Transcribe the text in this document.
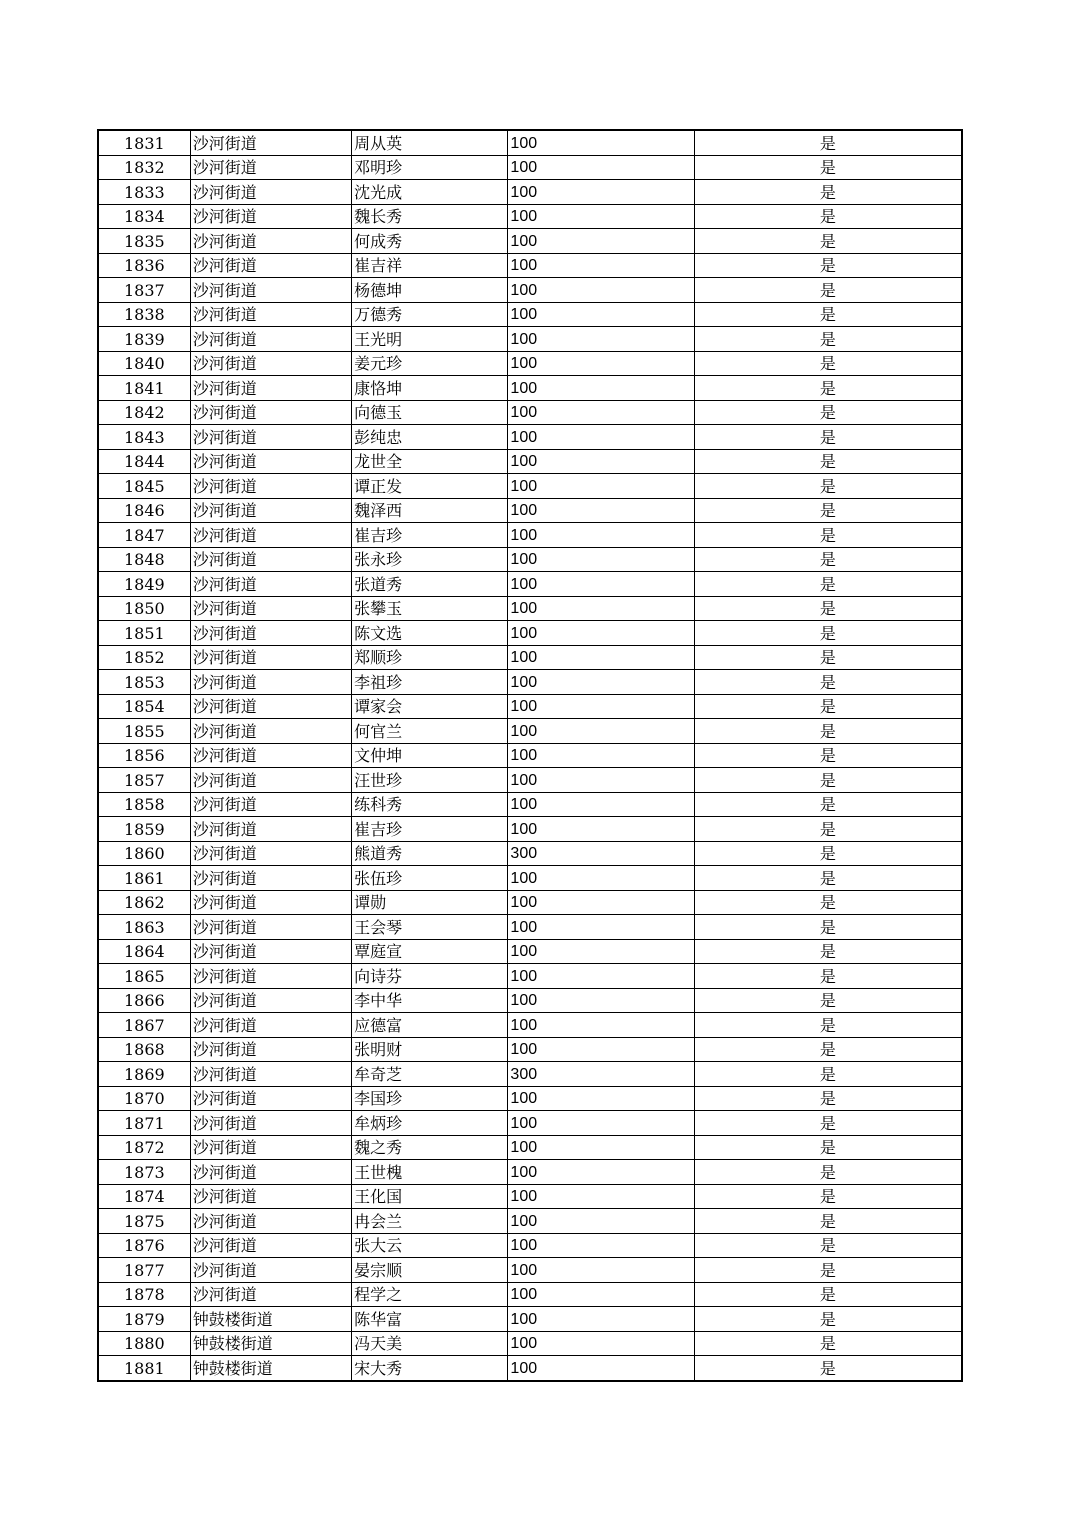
1831	沙河街道	周从英	100	是
1832	沙河街道	邓明珍	100	是
1833	沙河街道	沈光成	100	是
1834	沙河街道	魏长秀	100	是
1835	沙河街道	何成秀	100	是
1836	沙河街道	崔吉祥	100	是
1837	沙河街道	杨德坤	100	是
1838	沙河街道	万德秀	100	是
1839	沙河街道	王光明	100	是
1840	沙河街道	姜元珍	100	是
1841	沙河街道	康恪坤	100	是
1842	沙河街道	向德玉	100	是
1843	沙河街道	彭纯忠	100	是
1844	沙河街道	龙世全	100	是
1845	沙河街道	谭正发	100	是
1846	沙河街道	魏泽西	100	是
1847	沙河街道	崔吉珍	100	是
1848	沙河街道	张永珍	100	是
1849	沙河街道	张道秀	100	是
1850	沙河街道	张攀玉	100	是
1851	沙河街道	陈文选	100	是
1852	沙河街道	郑顺珍	100	是
1853	沙河街道	李祖珍	100	是
1854	沙河街道	谭家会	100	是
1855	沙河街道	何官兰	100	是
1856	沙河街道	文仲坤	100	是
1857	沙河街道	汪世珍	100	是
1858	沙河街道	练科秀	100	是
1859	沙河街道	崔吉珍	100	是
1860	沙河街道	熊道秀	300	是
1861	沙河街道	张伍珍	100	是
1862	沙河街道	谭勋	100	是
1863	沙河街道	王会琴	100	是
1864	沙河街道	覃庭宣	100	是
1865	沙河街道	向诗芬	100	是
1866	沙河街道	李中华	100	是
1867	沙河街道	应德富	100	是
1868	沙河街道	张明财	100	是
1869	沙河街道	牟奇芝	300	是
1870	沙河街道	李国珍	100	是
1871	沙河街道	牟炳珍	100	是
1872	沙河街道	魏之秀	100	是
1873	沙河街道	王世槐	100	是
1874	沙河街道	王化国	100	是
1875	沙河街道	冉会兰	100	是
1876	沙河街道	张大云	100	是
1877	沙河街道	晏宗顺	100	是
1878	沙河街道	程学之	100	是
1879	钟鼓楼街道	陈华富	100	是
1880	钟鼓楼街道	冯天美	100	是
1881	钟鼓楼街道	宋大秀	100	是
